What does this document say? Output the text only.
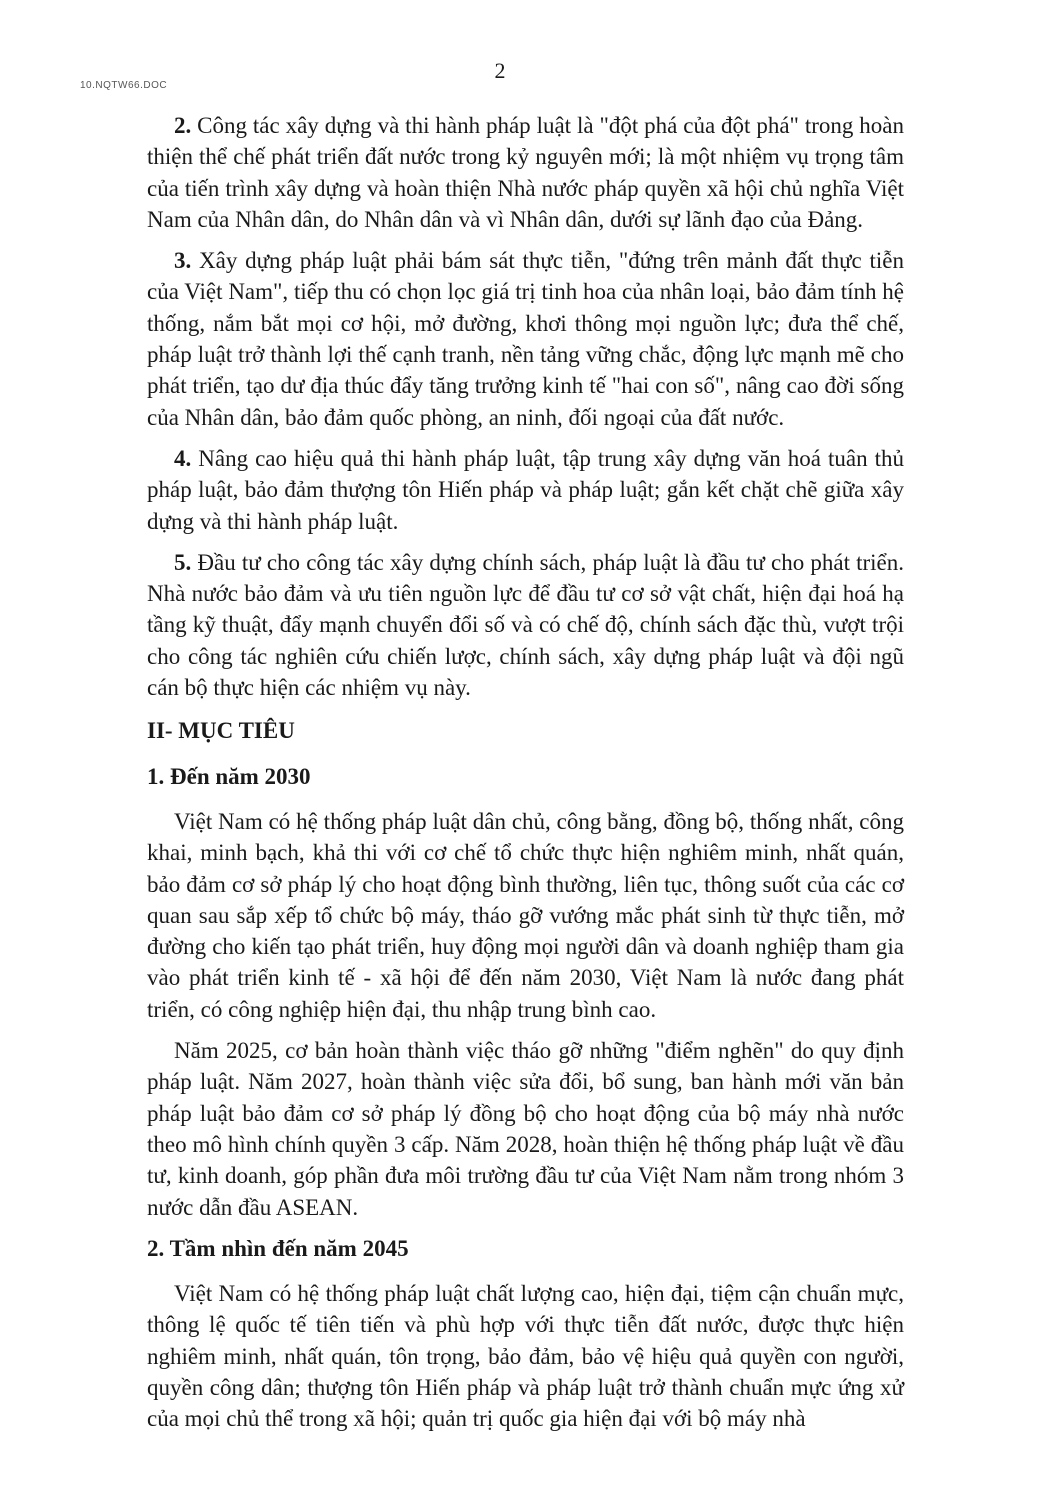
10.NQTW66.DOC
2

2. Công tác xây dựng và thi hành pháp luật là "đột phá của đột phá" trong hoàn thiện thể chế phát triển đất nước trong kỷ nguyên mới; là một nhiệm vụ trọng tâm của tiến trình xây dựng và hoàn thiện Nhà nước pháp quyền xã hội chủ nghĩa Việt Nam của Nhân dân, do Nhân dân và vì Nhân dân, dưới sự lãnh đạo của Đảng.

3. Xây dựng pháp luật phải bám sát thực tiễn, "đứng trên mảnh đất thực tiễn của Việt Nam", tiếp thu có chọn lọc giá trị tinh hoa của nhân loại, bảo đảm tính hệ thống, nắm bắt mọi cơ hội, mở đường, khơi thông mọi nguồn lực; đưa thể chế, pháp luật trở thành lợi thế cạnh tranh, nền tảng vững chắc, động lực mạnh mẽ cho phát triển, tạo dư địa thúc đẩy tăng trưởng kinh tế "hai con số", nâng cao đời sống của Nhân dân, bảo đảm quốc phòng, an ninh, đối ngoại của đất nước.

4. Nâng cao hiệu quả thi hành pháp luật, tập trung xây dựng văn hoá tuân thủ pháp luật, bảo đảm thượng tôn Hiến pháp và pháp luật; gắn kết chặt chẽ giữa xây dựng và thi hành pháp luật.

5. Đầu tư cho công tác xây dựng chính sách, pháp luật là đầu tư cho phát triển. Nhà nước bảo đảm và ưu tiên nguồn lực để đầu tư cơ sở vật chất, hiện đại hoá hạ tầng kỹ thuật, đẩy mạnh chuyển đổi số và có chế độ, chính sách đặc thù, vượt trội cho công tác nghiên cứu chiến lược, chính sách, xây dựng pháp luật và đội ngũ cán bộ thực hiện các nhiệm vụ này.

II- MỤC TIÊU

1. Đến năm 2030

Việt Nam có hệ thống pháp luật dân chủ, công bằng, đồng bộ, thống nhất, công khai, minh bạch, khả thi với cơ chế tổ chức thực hiện nghiêm minh, nhất quán, bảo đảm cơ sở pháp lý cho hoạt động bình thường, liên tục, thông suốt của các cơ quan sau sắp xếp tổ chức bộ máy, tháo gỡ vướng mắc phát sinh từ thực tiễn, mở đường cho kiến tạo phát triển, huy động mọi người dân và doanh nghiệp tham gia vào phát triển kinh tế - xã hội để đến năm 2030, Việt Nam là nước đang phát triển, có công nghiệp hiện đại, thu nhập trung bình cao.

Năm 2025, cơ bản hoàn thành việc tháo gỡ những "điểm nghẽn" do quy định pháp luật. Năm 2027, hoàn thành việc sửa đổi, bổ sung, ban hành mới văn bản pháp luật bảo đảm cơ sở pháp lý đồng bộ cho hoạt động của bộ máy nhà nước theo mô hình chính quyền 3 cấp. Năm 2028, hoàn thiện hệ thống pháp luật về đầu tư, kinh doanh, góp phần đưa môi trường đầu tư của Việt Nam nằm trong nhóm 3 nước dẫn đầu ASEAN.

2. Tầm nhìn đến năm 2045

Việt Nam có hệ thống pháp luật chất lượng cao, hiện đại, tiệm cận chuẩn mực, thông lệ quốc tế tiên tiến và phù hợp với thực tiễn đất nước, được thực hiện nghiêm minh, nhất quán, tôn trọng, bảo đảm, bảo vệ hiệu quả quyền con người, quyền công dân; thượng tôn Hiến pháp và pháp luật trở thành chuẩn mực ứng xử của mọi chủ thể trong xã hội; quản trị quốc gia hiện đại với bộ máy nhà
